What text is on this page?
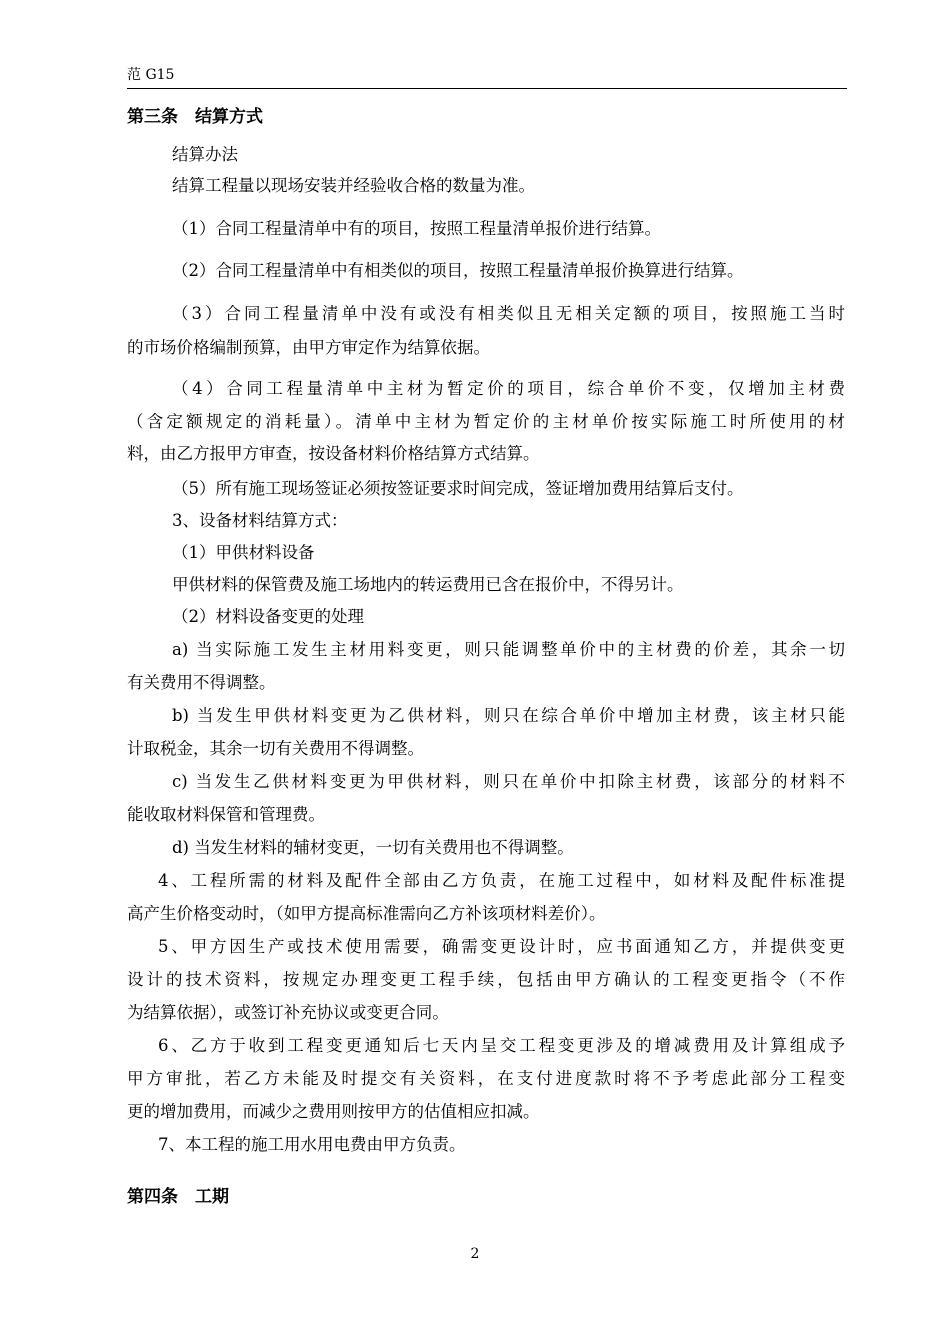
范 G15
第三条　结算方式
结算办法
结算工程量以现场安装并经验收合格的数量为准。
（1）合同工程量清单中有的项目，按照工程量清单报价进行结算。
（2）合同工程量清单中有相类似的项目，按照工程量清单报价换算进行结算。
（3）合同工程量清单中没有或没有相类似且无相关定额的项目，按照施工当时
的市场价格编制预算，由甲方审定作为结算依据。
（4）合同工程量清单中主材为暂定价的项目，综合单价不变，仅增加主材费
（含定额规定的消耗量）。清单中主材为暂定价的主材单价按实际施工时所使用的材
料，由乙方报甲方审查，按设备材料价格结算方式结算。
（5）所有施工现场签证必须按签证要求时间完成，签证增加费用结算后支付。
3、设备材料结算方式：
（1）甲供材料设备
甲供材料的保管费及施工场地内的转运费用已含在报价中，不得另计。
（2）材料设备变更的处理
a) 当实际施工发生主材用料变更，则只能调整单价中的主材费的价差，其余一切
有关费用不得调整。
b) 当发生甲供材料变更为乙供材料，则只在综合单价中增加主材费，该主材只能
计取税金，其余一切有关费用不得调整。
c) 当发生乙供材料变更为甲供材料，则只在单价中扣除主材费，该部分的材料不
能收取材料保管和管理费。
d) 当发生材料的辅材变更，一切有关费用也不得调整。
4、工程所需的材料及配件全部由乙方负责，在施工过程中，如材料及配件标准提
高产生价格变动时，（如甲方提高标准需向乙方补该项材料差价）。
5、甲方因生产或技术使用需要，确需变更设计时，应书面通知乙方，并提供变更
设计的技术资料，按规定办理变更工程手续，包括由甲方确认的工程变更指令（不作
为结算依据），或签订补充协议或变更合同。
6、乙方于收到工程变更通知后七天内呈交工程变更涉及的增减费用及计算组成予
甲方审批，若乙方未能及时提交有关资料，在支付进度款时将不予考虑此部分工程变
更的增加费用，而减少之费用则按甲方的估值相应扣减。
7、本工程的施工用水用电费由甲方负责。
第四条　工期
2
